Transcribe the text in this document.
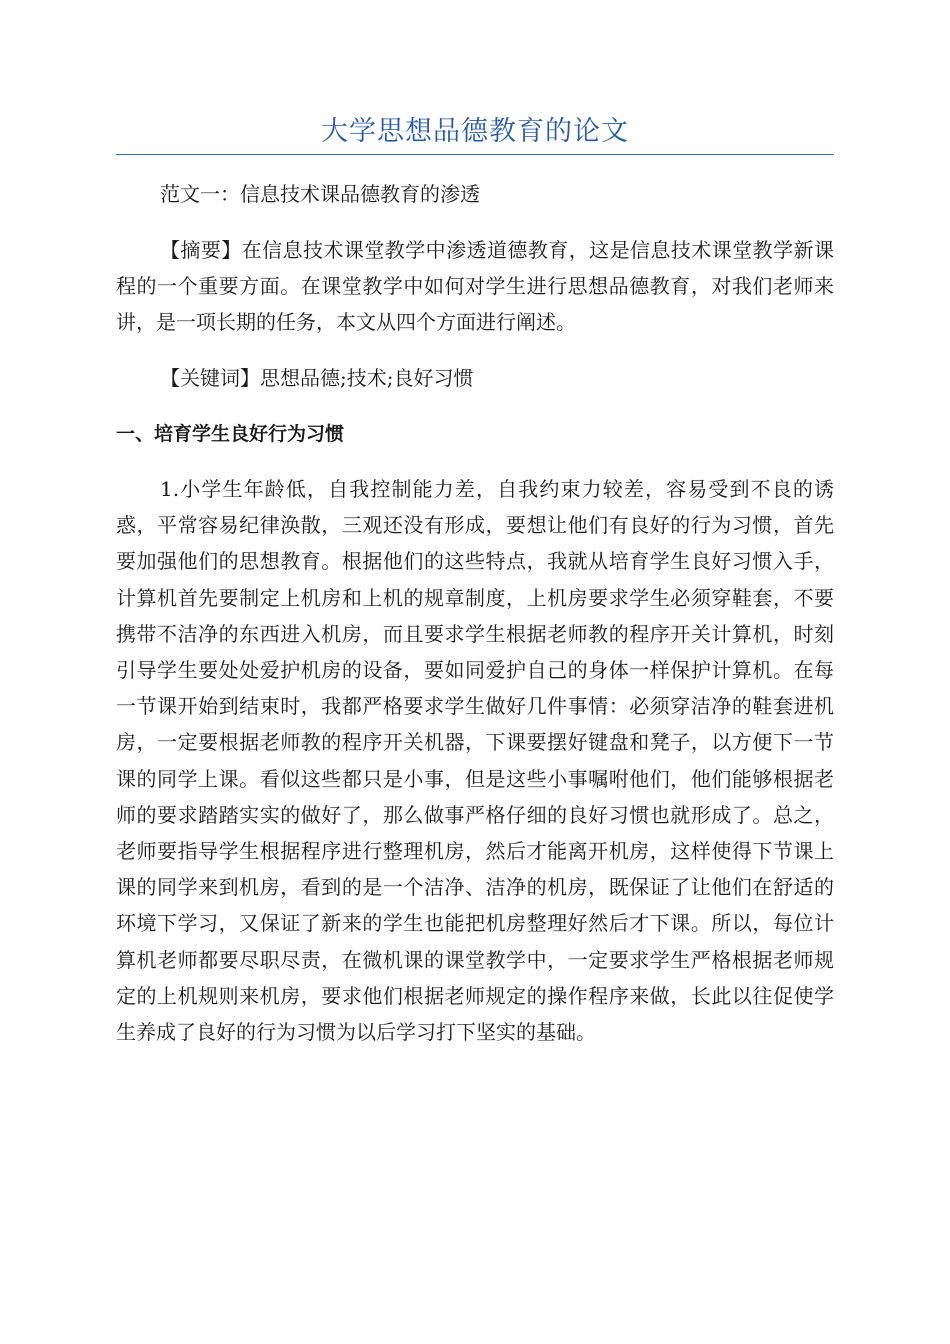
大学思想品德教育的论文

范文一：信息技术课品德教育的渗透

【摘要】在信息技术课堂教学中渗透道德教育，这是信息技术课堂教学新课程的一个重要方面。在课堂教学中如何对学生进行思想品德教育，对我们老师来讲，是一项长期的任务，本文从四个方面进行阐述。

【关键词】思想品德;技术;良好习惯

一、培育学生良好行为习惯

1.小学生年龄低，自我控制能力差，自我约束力较差，容易受到不良的诱惑，平常容易纪律涣散，三观还没有形成，要想让他们有良好的行为习惯，首先要加强他们的思想教育。根据他们的这些特点，我就从培育学生良好习惯入手，计算机首先要制定上机房和上机的规章制度，上机房要求学生必须穿鞋套，不要携带不洁净的东西进入机房，而且要求学生根据老师教的程序开关计算机，时刻引导学生要处处爱护机房的设备，要如同爱护自己的身体一样保护计算机。在每一节课开始到结束时，我都严格要求学生做好几件事情：必须穿洁净的鞋套进机房，一定要根据老师教的程序开关机器，下课要摆好键盘和凳子，以方便下一节课的同学上课。看似这些都只是小事，但是这些小事嘱咐他们，他们能够根据老师的要求踏踏实实的做好了，那么做事严格仔细的良好习惯也就形成了。总之，老师要指导学生根据程序进行整理机房，然后才能离开机房，这样使得下节课上课的同学来到机房，看到的是一个洁净、洁净的机房，既保证了让他们在舒适的环境下学习，又保证了新来的学生也能把机房整理好然后才下课。所以，每位计算机老师都要尽职尽责，在微机课的课堂教学中，一定要求学生严格根据老师规定的上机规则来机房，要求他们根据老师规定的操作程序来做，长此以往促使学生养成了良好的行为习惯为以后学习打下坚实的基础。
